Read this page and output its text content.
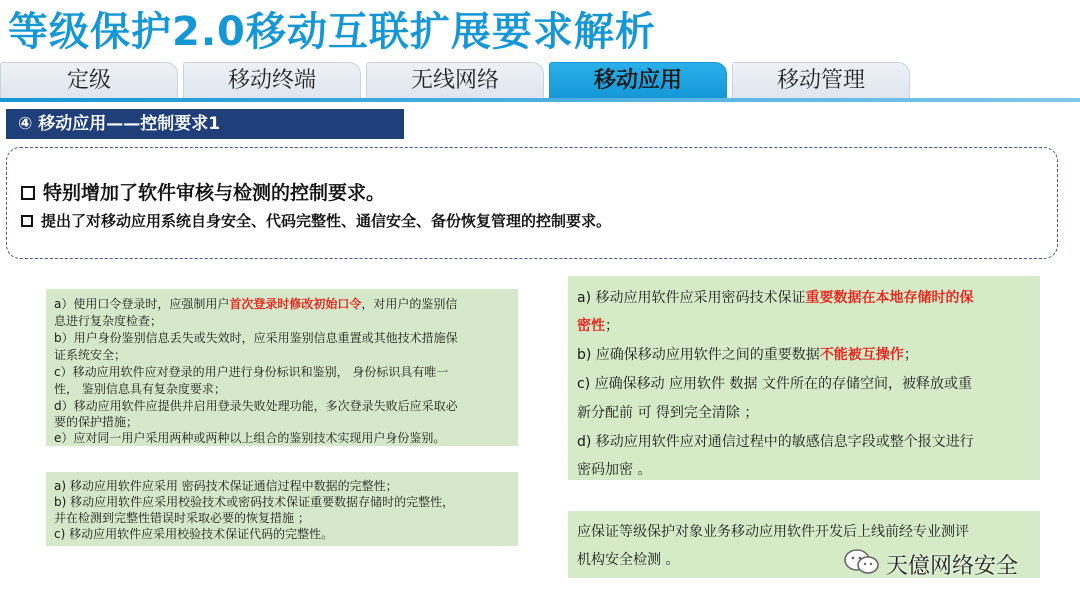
等级保护2.0移动互联扩展要求解析
定级	移动终端	无线网络	移动应用	移动管理
④ 移动应用——控制要求1
特别增加了软件审核与检测的控制要求。
提出了对移动应用系统自身安全、代码完整性、通信安全、备份恢复管理的控制要求。
a）使用口令登录时，应强制用户首次登录时修改初始口令，对用户的鉴别信
息进行复杂度检查；
b）用户身份鉴别信息丢失或失效时，应采用鉴别信息重置或其他技术措施保
证系统安全；
c）移动应用软件应对登录的用户进行身份标识和鉴别， 身份标识具有唯一
性， 鉴别信息具有复杂度要求；
d）移动应用软件应提供并启用登录失败处理功能，多次登录失败后应采取必
要的保护措施；
e）应对同一用户采用两种或两种以上组合的鉴别技术实现用户身份鉴别。
a) 移动应用软件应采用 密码技术保证通信过程中数据的完整性；
b) 移动应用软件应采用校验技术或密码技术保证重要数据存储时的完整性，
并在检测到完整性错误时采取必要的恢复措施 ；
c) 移动应用软件应采用校验技术保证代码的完整性。
a) 移动应用软件应采用密码技术保证重要数据在本地存储时的保
密性；
b) 应确保移动应用软件之间的重要数据不能被互操作；
c) 应确保移动 应用软件 数据 文件所在的存储空间，被释放或重
新分配前 可 得到完全清除 ；
d) 移动应用软件应对通信过程中的敏感信息字段或整个报文进行
密码加密 。
应保证等级保护对象业务移动应用软件开发后上线前经专业测评
机构安全检测 。	天億网络安全
